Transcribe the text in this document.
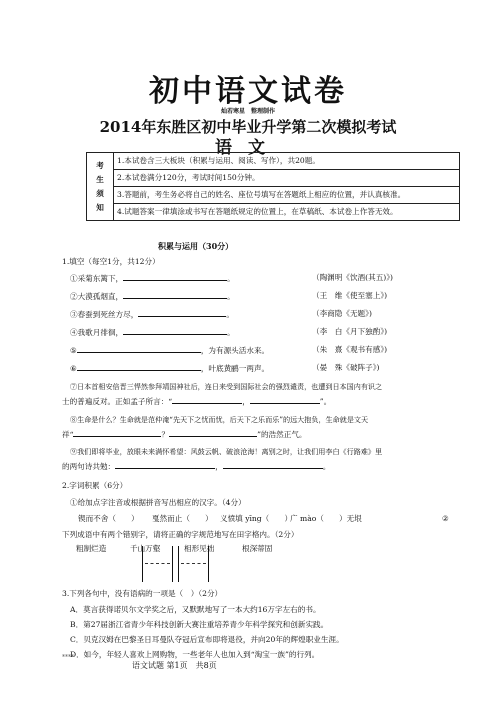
初中语文试卷
灿若寒星　整理制作
2014年东胜区初中毕业升学第二次模拟考试
语文
考
生
须
知
	1.本试卷含三大板块（积累与运用、阅读、写作），共20题。
2.本试卷满分120分，考试时间150分钟。
3.答题前，考生务必将自己的姓名、座位号填写在答题纸上相应的位置，并认真核准。
4.试题答案一律填涂或书写在答题纸规定的位置上，在草稿纸、本试卷上作答无效。
积累与运用（30分）
1.填空（每空1分，共12分）
①采菊东篱下，	。	（陶渊明《饮酒(其五)》)
②大漠孤烟直，	。	（王　维《使至塞上》)
③春蚕到死丝方尽，	。	（李商隐《无题》)
④我歌月徘徊，	。	（李　白《月下独酌》)
⑤	，为有源头活水来。	（朱　熹《观书有感》)
⑥	，叶底黄鹂一两声。	（晏　殊《破阵子》)
⑦日本首相安倍晋三悍然参拜靖国神社后，连日来受到国际社会的强烈谴责，也遭到日本国内有识之
士的普遍反对。正如孟子所言：“	，	”。
⑧生命是什么？生命就是范仲淹“先天下之忧而忧，后天下之乐而乐”的远大抱负，生命就是文天
祥“	？	”的浩然正气。
⑨我们即将毕业，放眼未来满怀希望：风鼓云帆、破浪沧海！离别之时，让我们用李白《行路难》里
的两句诗共勉：	，	。
2.字词积累（6分）
①给加点字注音或根据拼音写出相应的汉字。（4分）
锲而不舍（　　） 戛然而止（　　） 义愤填 yīng（　　）
广 mào（　　）无垠	②
下列成语中有两个错别字，请将正确的字规范地写在田字格内。（2分）
粗制烂造	千山万壑	相形见拙	根深蒂固
3.下列各句中，没有语病的一项是（　）（2分）
A．莫言获得诺贝尔文学奖之后，又默默地写了一本大约16万字左右的书。
B．第27届浙江省青少年科技创新大赛注重培养青少年科学探究和创新实践。
C．贝克汉姆在巴黎圣日耳曼队夺冠后宣布即将退役，并向20年的辉煌职业生涯。
D．如今，年轻人喜欢上网购物，一些老年人也加入到“淘宝一族”的行列。
****
语文试题 第1页　共8页
